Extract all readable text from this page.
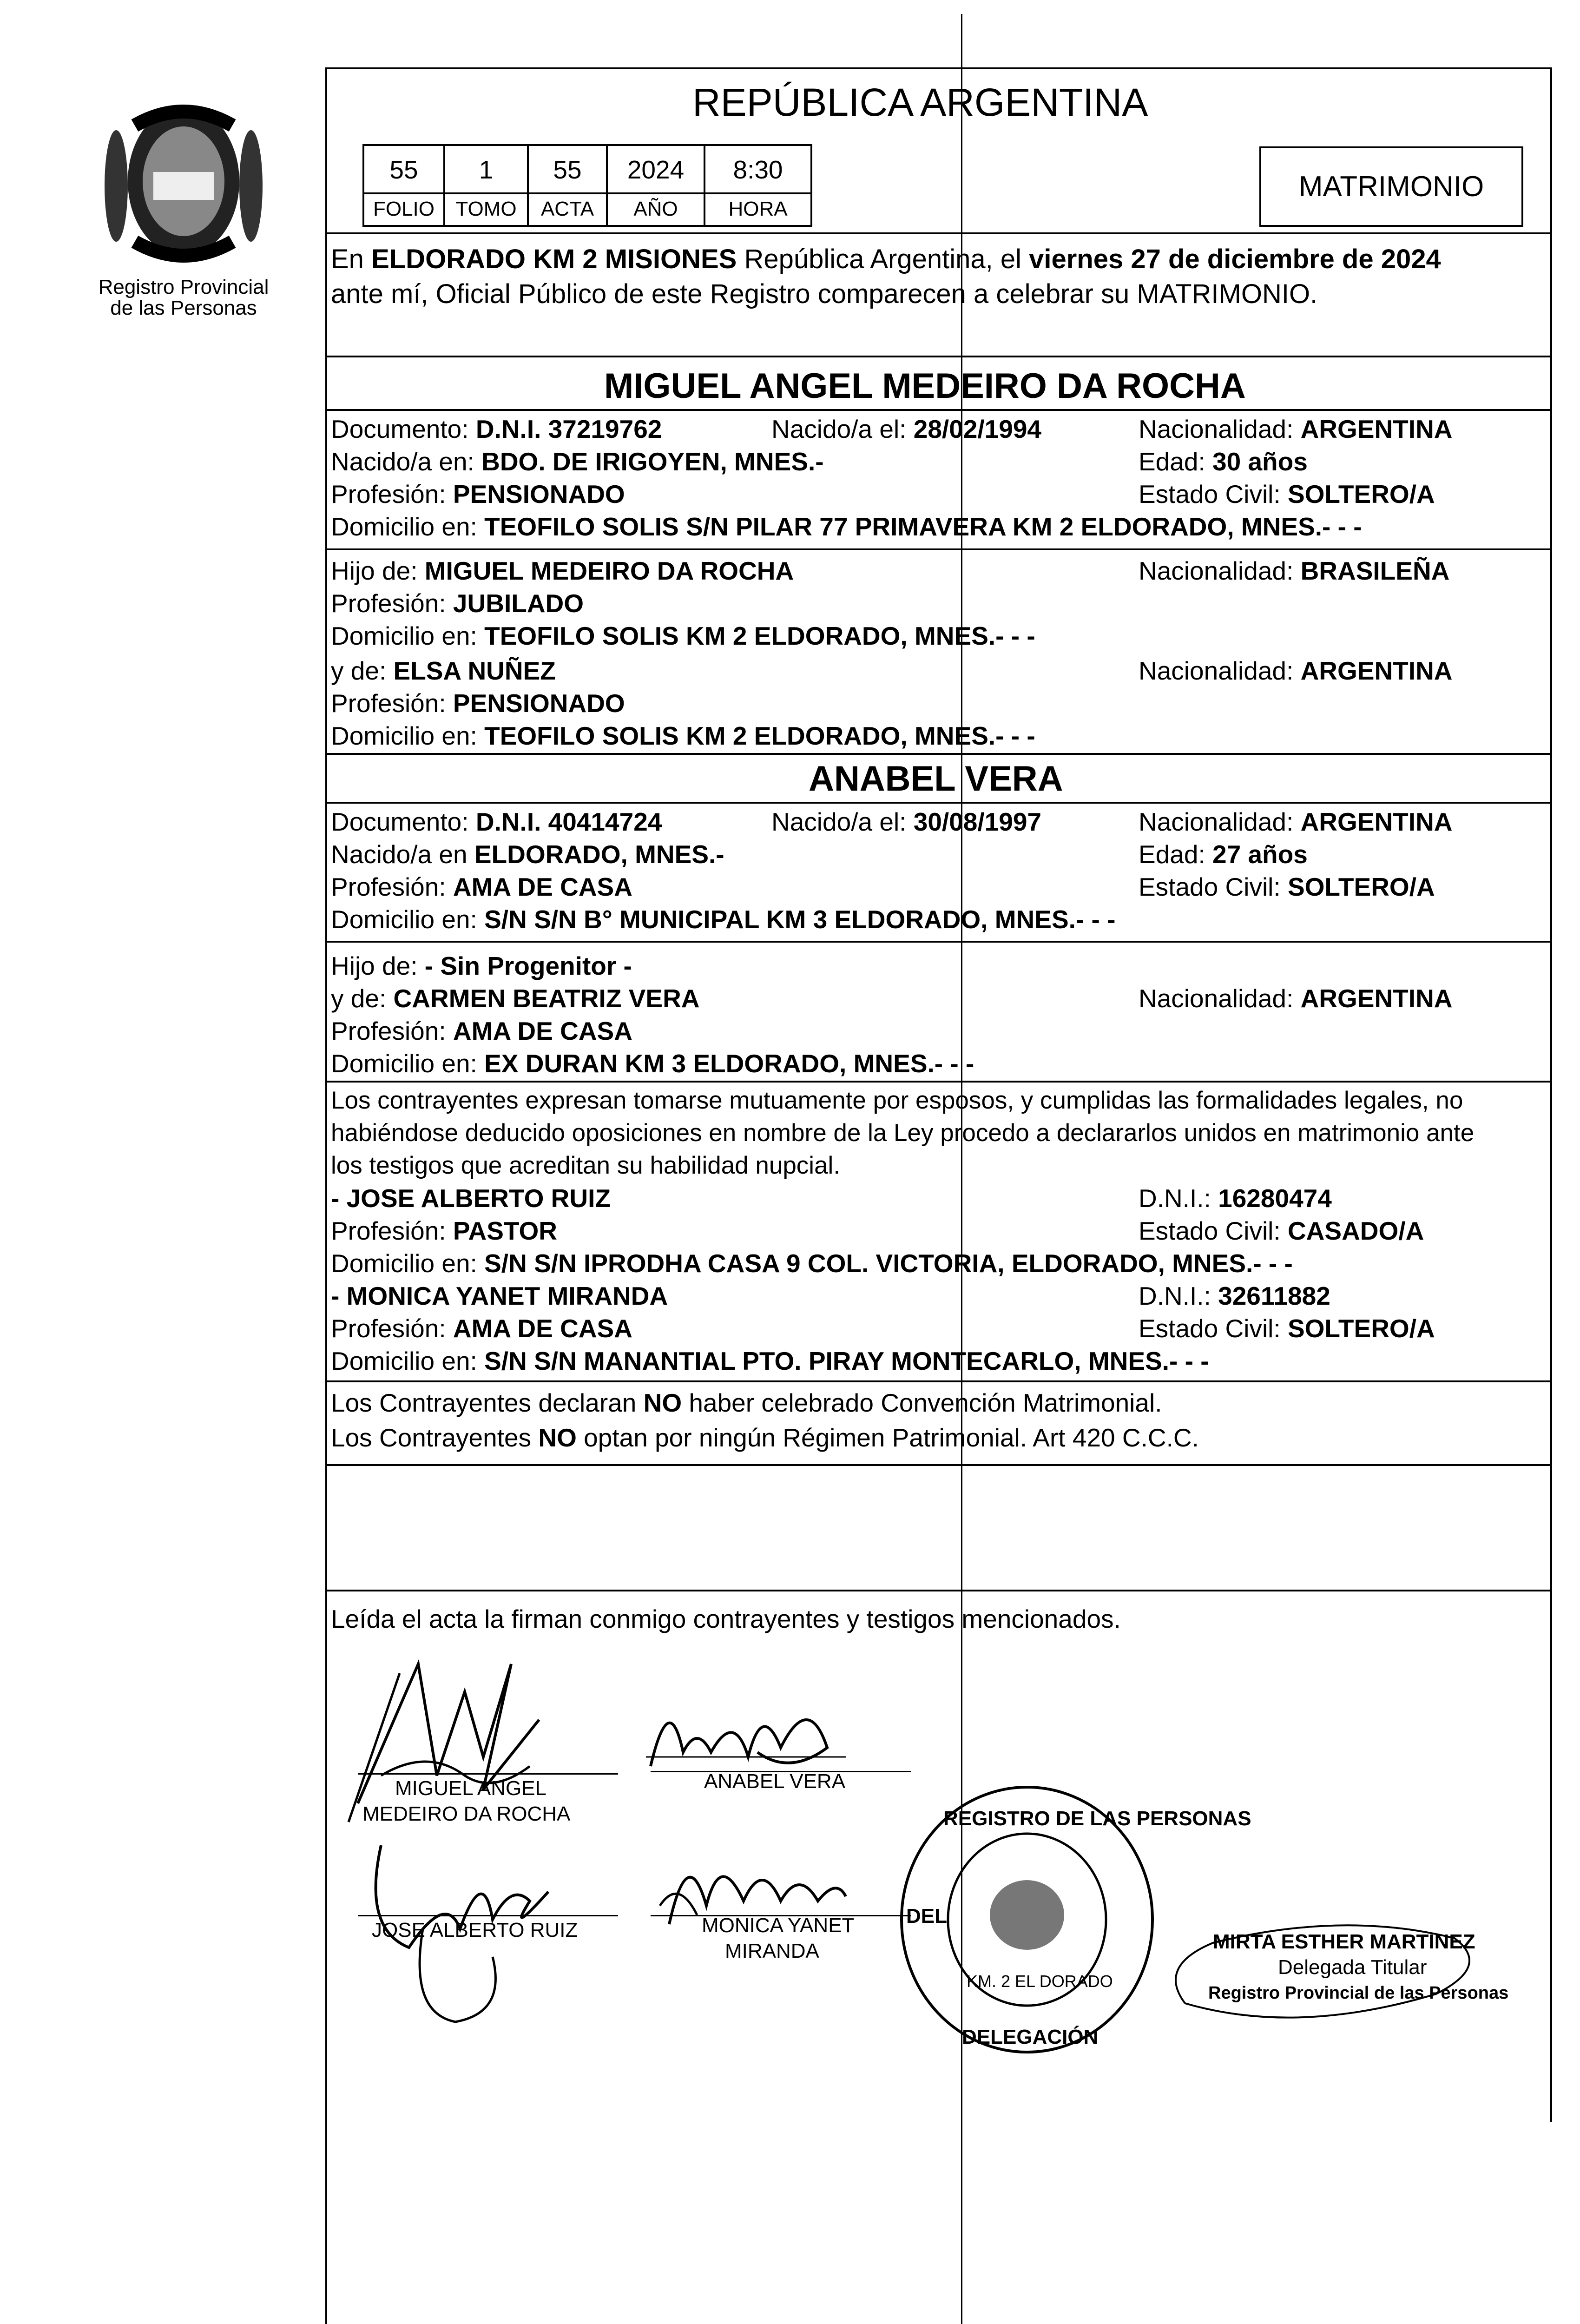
Registro Provincial
de las Personas
REPÚBLICA ARGENTINA
55	1	55	2024	8:30
FOLIO	TOMO	ACTA	AÑO	HORA
MATRIMONIO
En ELDORADO KM 2 MISIONES República Argentina, el viernes 27 de diciembre de 2024
ante mí, Oficial Público de este Registro comparecen a celebrar su MATRIMONIO.
MIGUEL ANGEL MEDEIRO DA ROCHA
Documento: D.N.I. 37219762	Nacido/a el: 28/02/1994	Nacionalidad: ARGENTINA
Nacido/a en: BDO. DE IRIGOYEN, MNES.-	Edad: 30 años
Profesión: PENSIONADO	Estado Civil: SOLTERO/A
Domicilio en: TEOFILO SOLIS S/N PILAR 77 PRIMAVERA KM 2 ELDORADO, MNES.- - -
Hijo de: MIGUEL MEDEIRO DA ROCHA	Nacionalidad: BRASILEÑA
Profesión: JUBILADO
Domicilio en: TEOFILO SOLIS KM 2 ELDORADO, MNES.- - -
y de: ELSA NUÑEZ	Nacionalidad: ARGENTINA
Profesión: PENSIONADO
Domicilio en: TEOFILO SOLIS KM 2 ELDORADO, MNES.- - -
ANABEL VERA
Documento: D.N.I. 40414724	Nacido/a el: 30/08/1997	Nacionalidad: ARGENTINA
Nacido/a en ELDORADO, MNES.-	Edad: 27 años
Profesión: AMA DE CASA	Estado Civil: SOLTERO/A
Domicilio en: S/N S/N B° MUNICIPAL KM 3 ELDORADO, MNES.- - -
Hijo de: - Sin Progenitor -
y de: CARMEN BEATRIZ VERA	Nacionalidad: ARGENTINA
Profesión: AMA DE CASA
Domicilio en: EX DURAN KM 3 ELDORADO, MNES.- - -
Los contrayentes expresan tomarse mutuamente por esposos, y cumplidas las formalidades legales, no
habiéndose deducido oposiciones en nombre de la Ley procedo a declararlos unidos en matrimonio ante
los testigos que acreditan su habilidad nupcial.
- JOSE ALBERTO RUIZ	D.N.I.: 16280474
Profesión: PASTOR	Estado Civil: CASADO/A
Domicilio en: S/N S/N IPRODHA CASA 9 COL. VICTORIA, ELDORADO, MNES.- - -
- MONICA YANET MIRANDA	D.N.I.: 32611882
Profesión: AMA DE CASA	Estado Civil: SOLTERO/A
Domicilio en: S/N S/N MANANTIAL PTO. PIRAY MONTECARLO, MNES.- - -
Los Contrayentes declaran NO haber celebrado Convención Matrimonial.
Los Contrayentes NO optan por ningún Régimen Patrimonial. Art 420 C.C.C.
Leída el acta la firman conmigo contrayentes y testigos mencionados.
MIGUEL ANGEL
MEDEIRO DA ROCHA
ANABEL VERA
JOSE ALBERTO RUIZ	MONICA YANET
MIRANDA
REGISTRO DE LAS PERSONAS
DEL
DELEGACIÓN
KM. 2 EL DORADO
MIRTA ESTHER MARTINEZ
Delegada Titular
Registro Provincial de las Personas
